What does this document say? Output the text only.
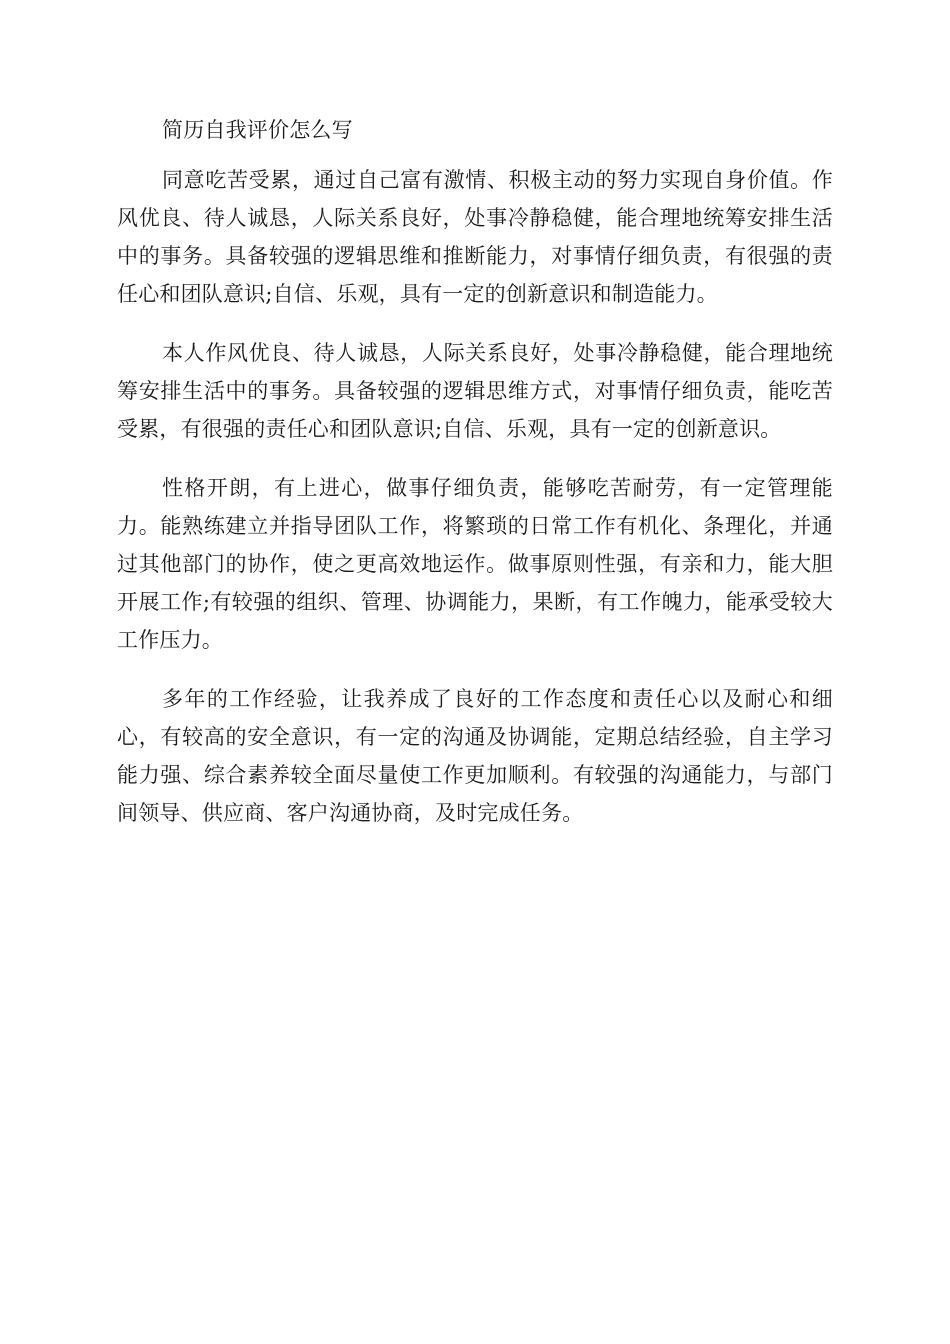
简历自我评价怎么写

同意吃苦受累，通过自己富有激情、积极主动的努力实现自身价值。作风优良、待人诚恳，人际关系良好，处事冷静稳健，能合理地统筹安排生活中的事务。具备较强的逻辑思维和推断能力，对事情仔细负责，有很强的责任心和团队意识;自信、乐观，具有一定的创新意识和制造能力。

本人作风优良、待人诚恳，人际关系良好，处事冷静稳健，能合理地统筹安排生活中的事务。具备较强的逻辑思维方式，对事情仔细负责，能吃苦受累，有很强的责任心和团队意识;自信、乐观，具有一定的创新意识。

性格开朗，有上进心，做事仔细负责，能够吃苦耐劳，有一定管理能力。能熟练建立并指导团队工作，将繁琐的日常工作有机化、条理化，并通过其他部门的协作，使之更高效地运作。做事原则性强，有亲和力，能大胆开展工作;有较强的组织、管理、协调能力，果断，有工作魄力，能承受较大工作压力。

多年的工作经验，让我养成了良好的工作态度和责任心以及耐心和细心，有较高的安全意识，有一定的沟通及协调能，定期总结经验，自主学习能力强、综合素养较全面尽量使工作更加顺利。有较强的沟通能力，与部门间领导、供应商、客户沟通协商，及时完成任务。
